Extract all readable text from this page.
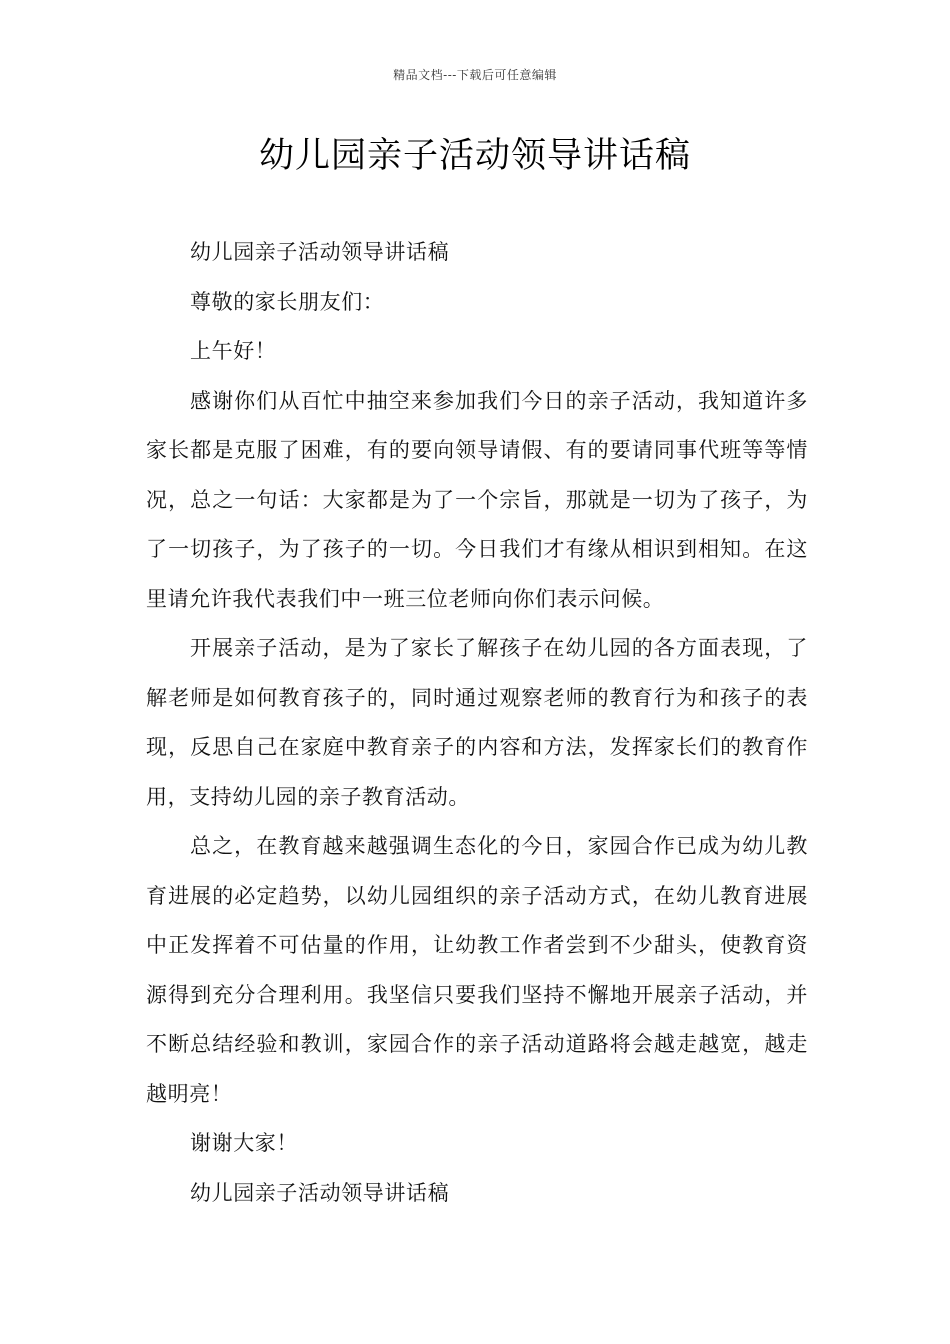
精品文档---下载后可任意编辑
幼儿园亲子活动领导讲话稿

幼儿园亲子活动领导讲话稿

尊敬的家长朋友们：

上午好！

感谢你们从百忙中抽空来参加我们今日的亲子活动，我知道许多家长都是克服了困难，有的要向领导请假、有的要请同事代班等等情况，总之一句话：大家都是为了一个宗旨，那就是一切为了孩子，为了一切孩子，为了孩子的一切。今日我们才有缘从相识到相知。在这里请允许我代表我们中一班三位老师向你们表示问候。

开展亲子活动，是为了家长了解孩子在幼儿园的各方面表现，了解老师是如何教育孩子的，同时通过观察老师的教育行为和孩子的表现，反思自己在家庭中教育亲子的内容和方法，发挥家长们的教育作用，支持幼儿园的亲子教育活动。

总之，在教育越来越强调生态化的今日，家园合作已成为幼儿教育进展的必定趋势，以幼儿园组织的亲子活动方式，在幼儿教育进展中正发挥着不可估量的作用，让幼教工作者尝到不少甜头，使教育资源得到充分合理利用。我坚信只要我们坚持不懈地开展亲子活动，并不断总结经验和教训，家园合作的亲子活动道路将会越走越宽，越走越明亮！

谢谢大家！

幼儿园亲子活动领导讲话稿
